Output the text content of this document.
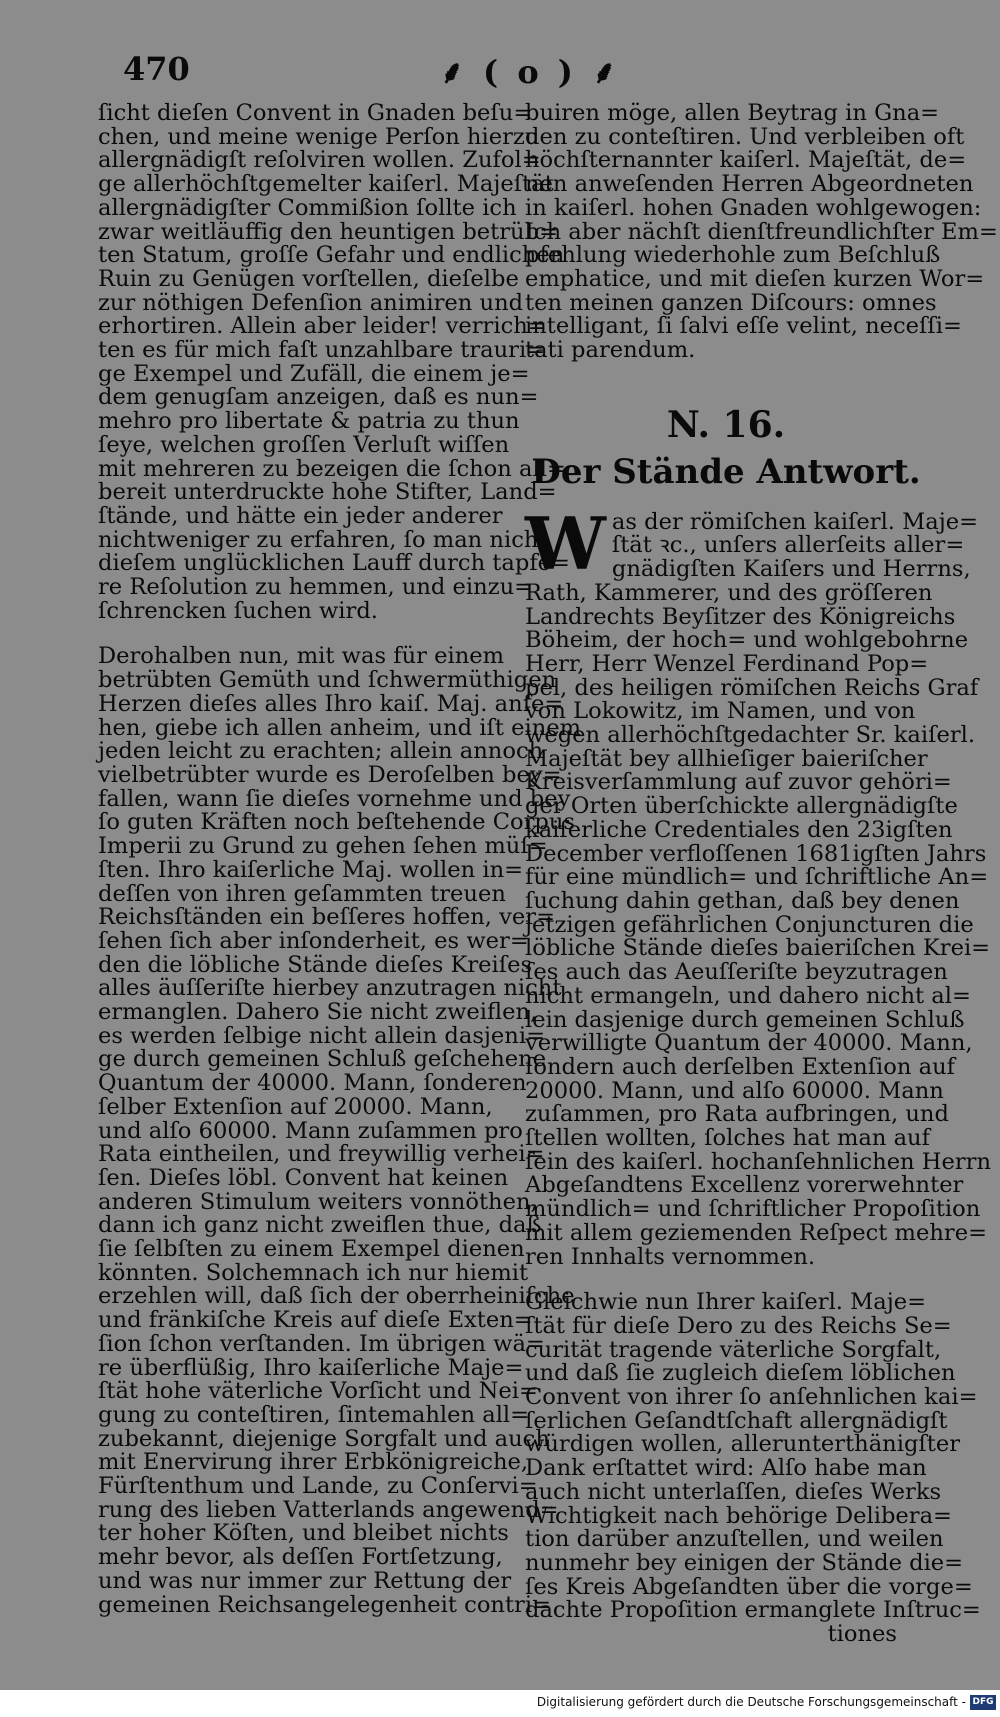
470	⸙ ( o ) ⸙

ſicht dieſen Convent in Gnaden beſu=
chen, und meine wenige Perſon hierzu
allergnädigſt reſolviren wollen. Zufol=
ge allerhöchſtgemelter kaiſerl. Majeſtät
allergnädigſter Commißion ſollte ich
zwar weitläuffig den heuntigen betrüb=
ten Statum, groſſe Gefahr und endlichen
Ruin zu Genügen vorſtellen, dieſelbe
zur nöthigen Defenſion animiren und
erhortiren. Allein aber leider! verrich=
ten es für mich faſt unzahlbare trauri=
ge Exempel und Zufäll, die einem je=
dem genugſam anzeigen, daß es nun=
mehro pro libertate & patria zu thun
ſeye, welchen groſſen Verluſt wiſſen
mit mehreren zu bezeigen die ſchon all=
bereit unterdruckte hohe Stifter, Land=
ſtände, und hätte ein jeder anderer
nichtweniger zu erfahren, ſo man nicht
dieſem unglücklichen Lauff durch tapfe=
re Reſolution zu hemmen, und einzu=
ſchrencken ſuchen wird.

Derohalben nun, mit was für einem
betrübten Gemüth und ſchwermüthigen
Herzen dieſes alles Ihro kaiſ. Maj. anſe=
hen, giebe ich allen anheim, und iſt einem
jeden leicht zu erachten; allein annoch
vielbetrübter wurde es Deroſelben bey=
fallen, wann ſie dieſes vornehme und bey
ſo guten Kräften noch beſtehende Corpus
Imperii zu Grund zu gehen ſehen müſ=
ſten. Ihro kaiſerliche Maj. wollen in=
deſſen von ihren geſammten treuen
Reichsſtänden ein beſſeres hoffen, ver=
ſehen ſich aber inſonderheit, es wer=
den die löbliche Stände dieſes Kreiſes
alles äuſſeriſte hierbey anzutragen nicht
ermanglen. Dahero Sie nicht zweiflen,
es werden ſelbige nicht allein dasjeni=
ge durch gemeinen Schluß geſchehene
Quantum der 40000. Mann, ſonderen
ſelber Extenſion auf 20000. Mann,
und alſo 60000. Mann zuſammen pro
Rata eintheilen, und freywillig verhei=
ſen. Dieſes löbl. Convent hat keinen
anderen Stimulum weiters vonnöthen,
dann ich ganz nicht zweiflen thue, daß
ſie ſelbſten zu einem Exempel dienen
könnten. Solchemnach ich nur hiemit
erzehlen will, daß ſich der oberrheiniſche
und fränkiſche Kreis auf dieſe Exten=
ſion ſchon verſtanden. Im übrigen wä=
re überflüßig, Ihro kaiſerliche Maje=
ſtät hohe väterliche Vorſicht und Nei=
gung zu conteſtiren, ſintemahlen all=
zubekannt, diejenige Sorgfalt und auch
mit Enervirung ihrer Erbkönigreiche,
Fürſtenthum und Lande, zu Conſervi=
rung des lieben Vatterlands angewend=
ter hoher Köſten, und bleibet nichts
mehr bevor, als deſſen Fortſetzung,
und was nur immer zur Rettung der
gemeinen Reichsangelegenheit contri=

buiren möge, allen Beytrag in Gna=
den zu conteſtiren. Und verbleiben oft
höchſternannter kaiſerl. Majeſtät, de=
nen anweſenden Herren Abgeordneten
in kaiſerl. hohen Gnaden wohlgewogen:
Ich aber nächſt dienſtfreundlichſter Em=
pfehlung wiederhohle zum Beſchluß
emphatice, und mit dieſen kurzen Wor=
ten meinen ganzen Diſcours: omnes
intelligant, ſi ſalvi eſſe velint, neceſſi=
tati parendum.

N. 16.
Der Stände Antwort.

W as der römiſchen kaiſerl. Maje=
ſtät ꝛc., unſers allerſeits aller=
gnädigſten Kaiſers und Herrns,
Rath, Kammerer, und des gröſſeren
Landrechts Beyſitzer des Königreichs
Böheim, der hoch= und wohlgebohrne
Herr, Herr Wenzel Ferdinand Pop=
pel, des heiligen römiſchen Reichs Graf
von Lokowitz, im Namen, und von
wegen allerhöchſtgedachter Sr. kaiſerl.
Majeſtät bey allhieſiger baieriſcher
Kreisverſammlung auf zuvor gehöri=
ger Orten überſchickte allergnädigſte
kaiſerliche Credentiales den 23igſten
December verfloſſenen 1681igſten Jahrs
für eine mündlich= und ſchriftliche An=
ſuchung dahin gethan, daß bey denen
jetzigen gefährlichen Conjuncturen die
löbliche Stände dieſes baieriſchen Krei=
ſes auch das Aeuſſeriſte beyzutragen
nicht ermangeln, und dahero nicht al=
lein dasjenige durch gemeinen Schluß
verwilligte Quantum der 40000. Mann,
ſondern auch derſelben Extenſion auf
20000. Mann, und alſo 60000. Mann
zuſammen, pro Rata aufbringen, und
ſtellen wollten, ſolches hat man auf
ſein des kaiſerl. hochanſehnlichen Herrn
Abgeſandtens Excellenz vorerwehnter
mündlich= und ſchriftlicher Propoſition
mit allem geziemenden Reſpect mehre=
ren Innhalts vernommen.

Gleichwie nun Ihrer kaiſerl. Maje=
ſtät für dieſe Dero zu des Reichs Se=
curität tragende väterliche Sorgfalt,
und daß ſie zugleich dieſem löblichen
Convent von ihrer ſo anſehnlichen kai=
ſerlichen Geſandtſchaft allergnädigſt
würdigen wollen, allerunterthänigſter
Dank erſtattet wird: Alſo habe man
auch nicht unterlaſſen, dieſes Werks
Wichtigkeit nach behörige Delibera=
tion darüber anzuſtellen, und weilen
nunmehr bey einigen der Stände die=
ſes Kreis Abgeſandten über die vorge=
dachte Propoſition ermanglete Inſtruc=

tiones
Digitalisierung gefördert durch die Deutsche Forschungsgemeinschaft - DFG
